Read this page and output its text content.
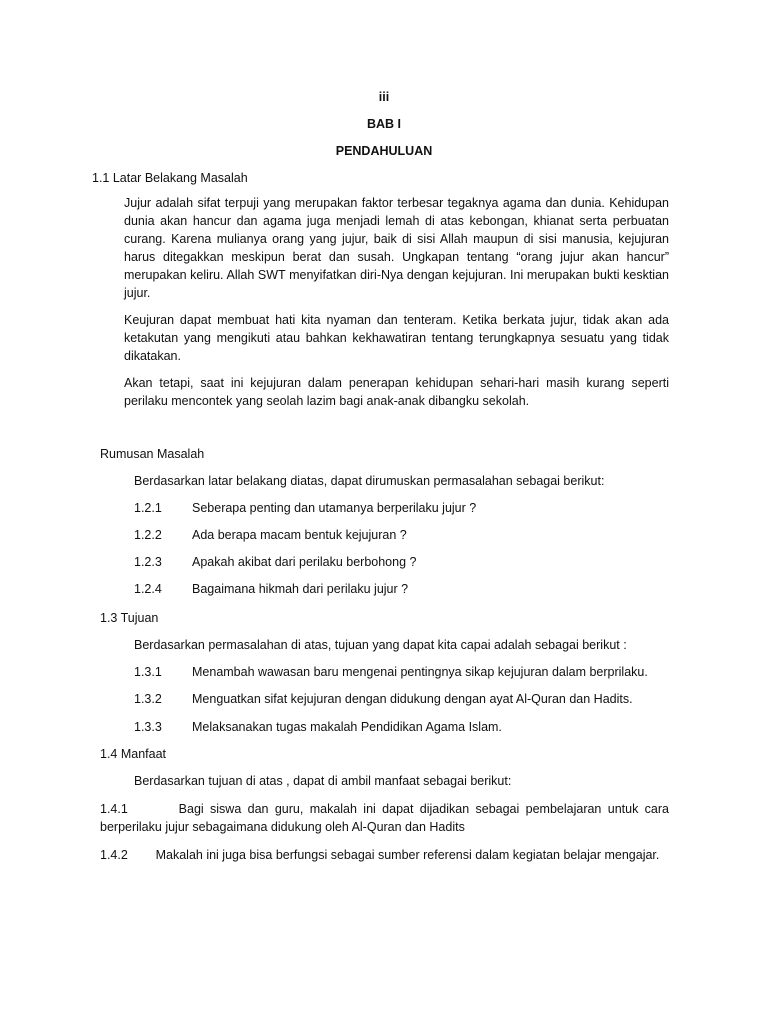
iii
BAB I
PENDAHULUAN
1.1 Latar Belakang Masalah
Jujur adalah sifat terpuji yang merupakan faktor terbesar tegaknya agama dan dunia. Kehidupan dunia akan hancur dan agama juga menjadi lemah di atas kebongan, khianat serta perbuatan curang. Karena mulianya orang yang jujur, baik di sisi Allah maupun di sisi manusia, kejujuran harus ditegakkan meskipun berat dan susah. Ungkapan tentang “orang jujur akan hancur” merupakan keliru. Allah SWT menyifatkan diri-Nya dengan kejujuran. Ini merupakan bukti kesktian jujur.
Keujuran dapat membuat hati kita nyaman dan tenteram. Ketika berkata jujur, tidak akan ada ketakutan yang mengikuti atau bahkan kekhawatiran tentang terungkapnya sesuatu yang tidak dikatakan.
Akan tetapi, saat ini kejujuran dalam penerapan kehidupan sehari-hari masih kurang seperti perilaku mencontek yang seolah lazim bagi anak-anak dibangku sekolah.
Rumusan Masalah
Berdasarkan latar belakang diatas, dapat dirumuskan permasalahan sebagai berikut:
1.2.1 Seberapa penting dan utamanya berperilaku jujur ?
1.2.2 Ada berapa macam bentuk kejujuran ?
1.2.3 Apakah akibat dari perilaku berbohong ?
1.2.4 Bagaimana hikmah dari perilaku jujur ?
1.3 Tujuan
Berdasarkan permasalahan di atas, tujuan yang dapat kita capai adalah sebagai berikut :
1.3.1 Menambah wawasan baru mengenai pentingnya sikap kejujuran dalam berprilaku.
1.3.2 Menguatkan sifat kejujuran dengan didukung dengan ayat Al-Quran dan Hadits.
1.3.3 Melaksanakan tugas makalah Pendidikan Agama Islam.
1.4 Manfaat
Berdasarkan tujuan di atas , dapat di ambil manfaat sebagai berikut:
1.4.1	Bagi siswa dan guru, makalah ini dapat dijadikan sebagai pembelajaran untuk cara berperilaku jujur sebagaimana didukung oleh Al-Quran dan Hadits
1.4.2 Makalah ini juga bisa berfungsi sebagai sumber referensi dalam kegiatan belajar mengajar.
